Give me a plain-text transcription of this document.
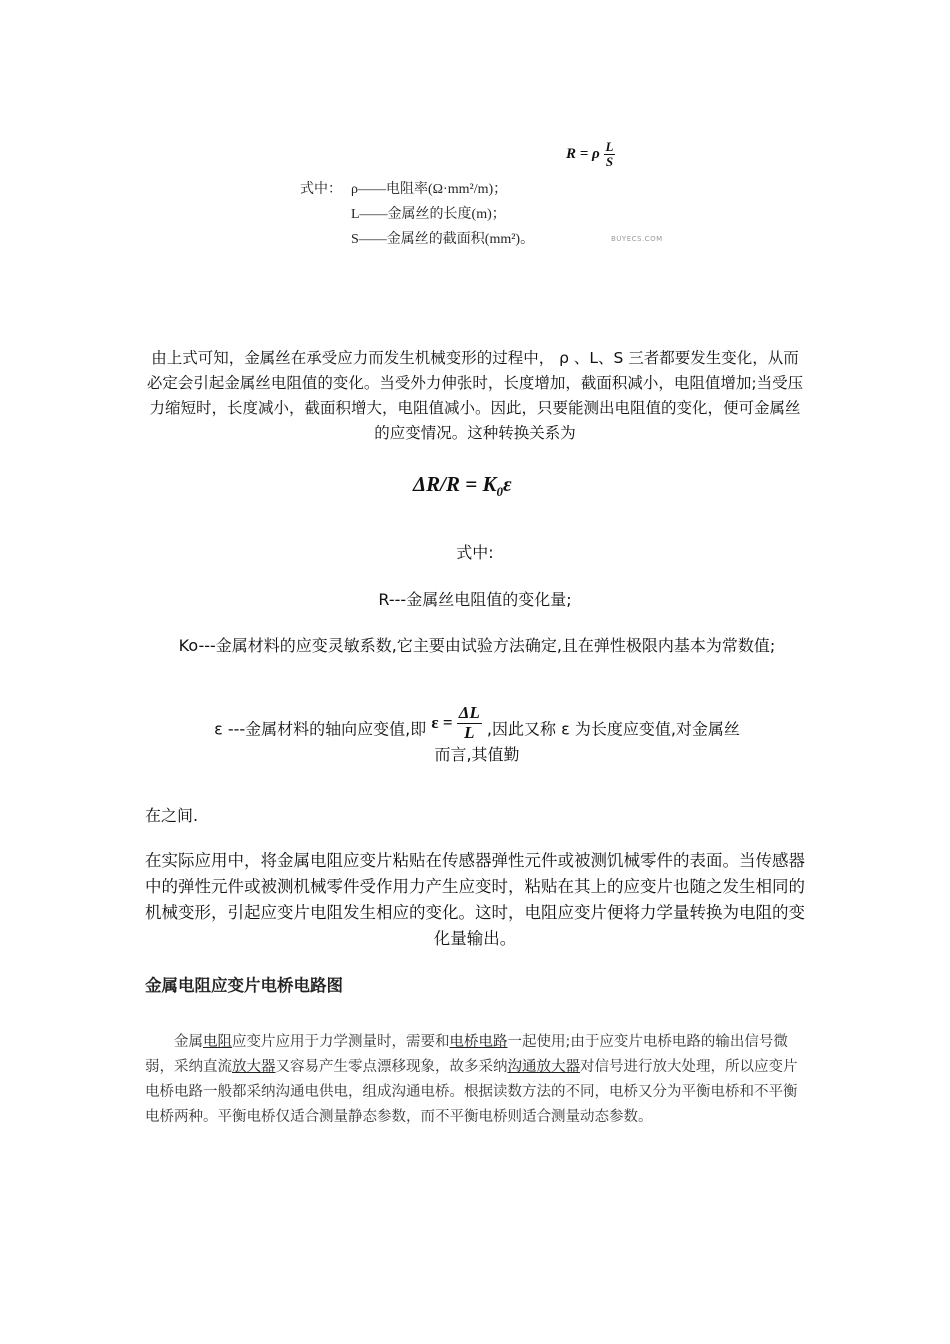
R = ρ $\frac{L}{S}$
式中： ρ——电阻率(Ω·mm²/m)；
L——金属丝的长度(m)；
S——金属丝的截面积(mm²)。	BUYECS.COM
由上式可知，金属丝在承受应力而发生机械变形的过程中， ρ 、L、S 三者都要发生变化，从而必定会引起金属丝电阻值的变化。当受外力伸张时，长度增加，截面积减小，电阻值增加;当受压力缩短时，长度减小，截面积增大，电阻值减小。因此，只要能测出电阻值的变化，便可金属丝的应变情况。这种转换关系为
$\Delta R/R = K_0\varepsilon$
式中:
R---金属丝电阻值的变化量;
Ko---金属材料的应变灵敏系数,它主要由试验方法确定,且在弹性极限内基本为常数值;
ε ---金属材料的轴向应变值,即 $\varepsilon = \frac{\Delta L}{L}$ ,因此又称 ε 为长度应变值,对金属丝
而言,其值勤
在之间.
在实际应用中，将金属电阻应变片粘贴在传感器弹性元件或被测饥械零件的表面。当传感器中的弹性元件或被测机械零件受作用力产生应变时，粘贴在其上的应变片也随之发生相同的机械变形，引起应变片电阻发生相应的变化。这时，电阻应变片便将力学量转换为电阻的变化量输出。
金属电阻应变片电桥电路图
金属电阻应变片应用于力学测量时，需要和电桥电路一起使用;由于应变片电桥电路的输出信号微弱，采纳直流放大器又容易产生零点漂移现象，故多采纳沟通放大器对信号进行放大处理，所以应变片电桥电路一般都采纳沟通电供电，组成沟通电桥。根据读数方法的不同，电桥又分为平衡电桥和不平衡电桥两种。平衡电桥仅适合测量静态参数，而不平衡电桥则适合测量动态参数。
